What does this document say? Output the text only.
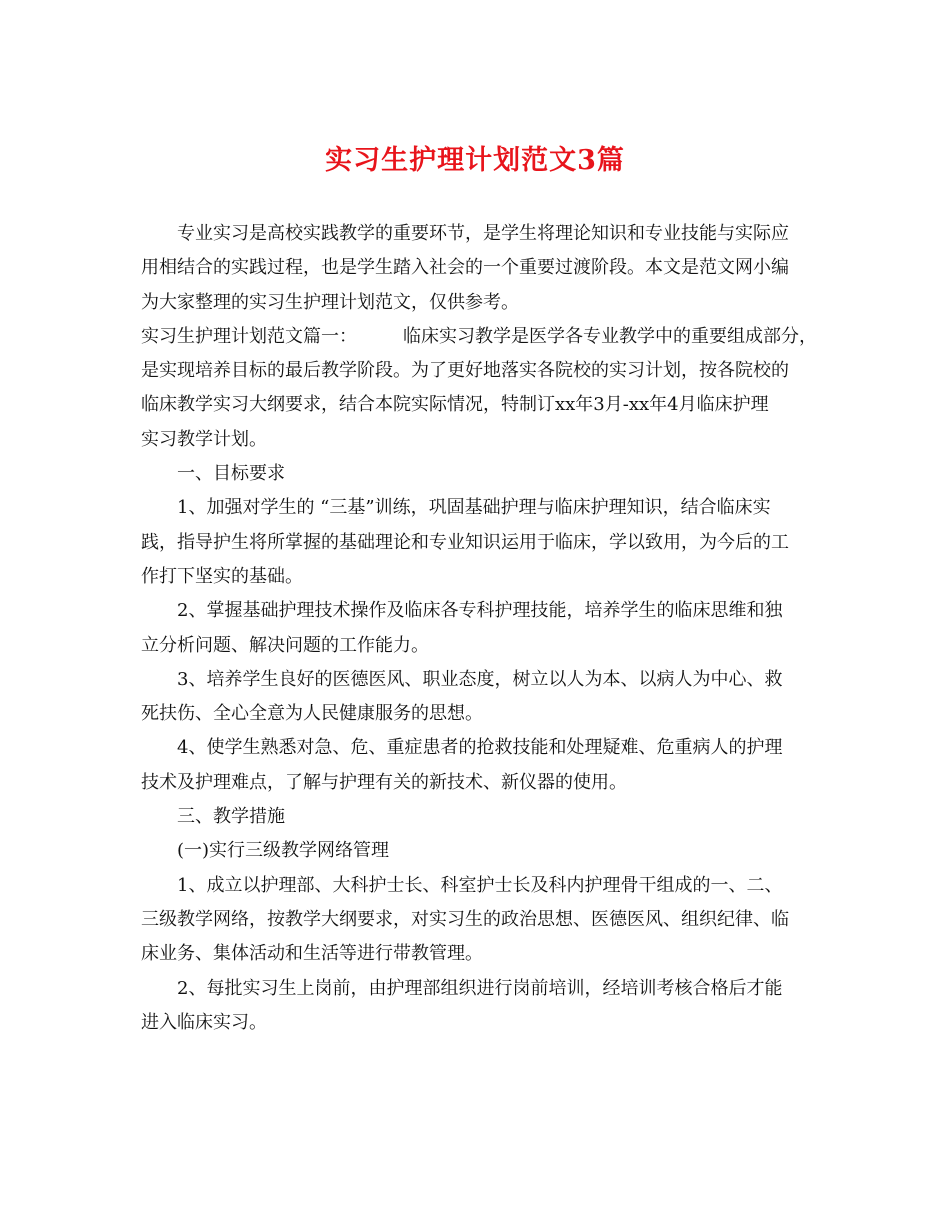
实习生护理计划范文3篇
专业实习是高校实践教学的重要环节，是学生将理论知识和专业技能与实际应
用相结合的实践过程，也是学生踏入社会的一个重要过渡阶段。本文是范文网小编
为大家整理的实习生护理计划范文，仅供参考。
实习生护理计划范文篇一：	临床实习教学是医学各专业教学中的重要组成部分，
是实现培养目标的最后教学阶段。为了更好地落实各院校的实习计划，按各院校的
临床教学实习大纲要求，结合本院实际情况，特制订xx年3月-xx年4月临床护理
实习教学计划。
一、目标要求
1、加强对学生的 “三基”训练，巩固基础护理与临床护理知识，结合临床实
践，指导护生将所掌握的基础理论和专业知识运用于临床，学以致用，为今后的工
作打下坚实的基础。
2、掌握基础护理技术操作及临床各专科护理技能，培养学生的临床思维和独
立分析问题、解决问题的工作能力。
3、培养学生良好的医德医风、职业态度，树立以人为本、以病人为中心、救
死扶伤、全心全意为人民健康服务的思想。
4、使学生熟悉对急、危、重症患者的抢救技能和处理疑难、危重病人的护理
技术及护理难点，了解与护理有关的新技术、新仪器的使用。
三、教学措施
(一)实行三级教学网络管理
1、成立以护理部、大科护士长、科室护士长及科内护理骨干组成的一、二、
三级教学网络，按教学大纲要求，对实习生的政治思想、医德医风、组织纪律、临
床业务、集体活动和生活等进行带教管理。
2、每批实习生上岗前，由护理部组织进行岗前培训，经培训考核合格后才能
进入临床实习。
